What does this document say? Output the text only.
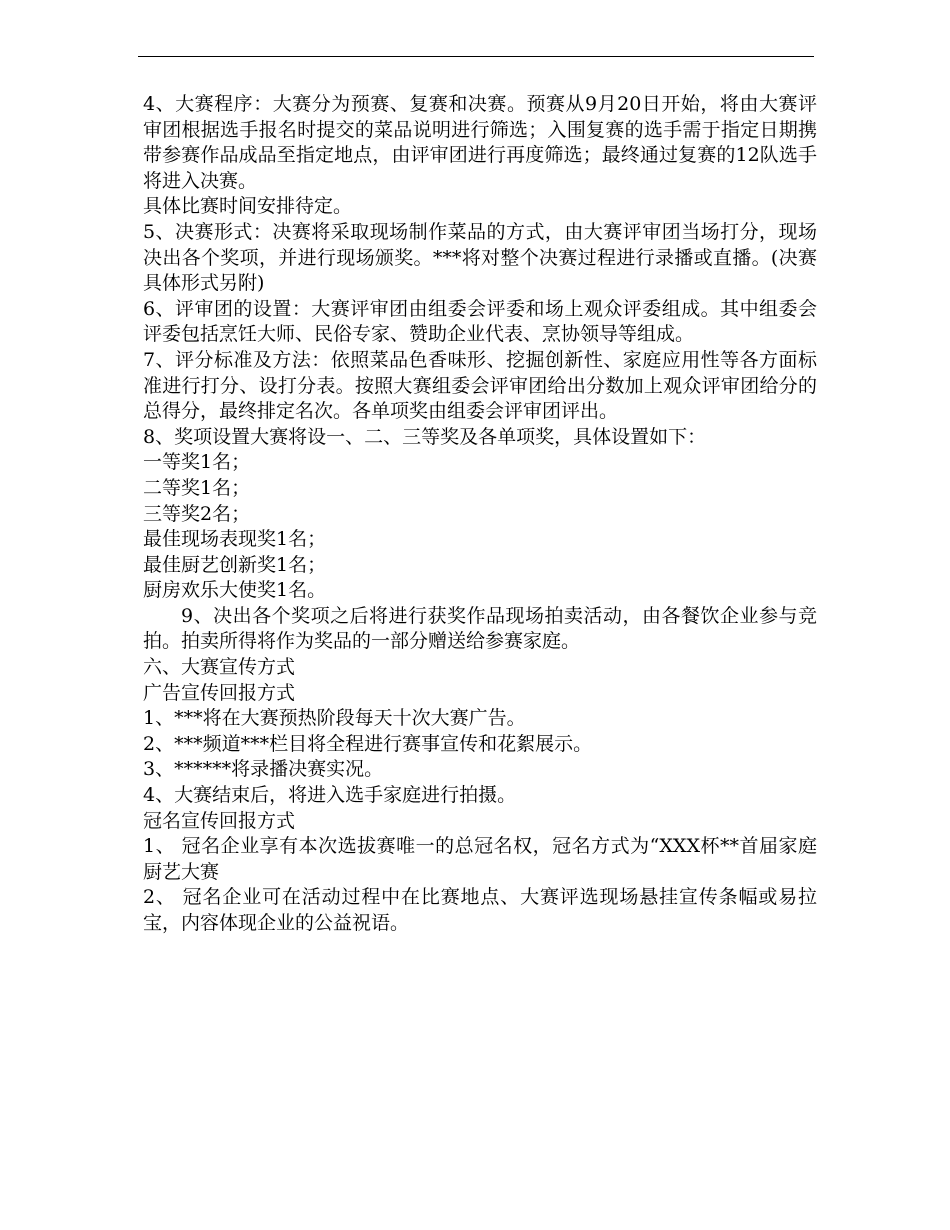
4、大赛程序：大赛分为预赛、复赛和决赛。预赛从9月20日开始，将由大赛评审团根据选手报名时提交的菜品说明进行筛选；入围复赛的选手需于指定日期携带参赛作品成品至指定地点，由评审团进行再度筛选；最终通过复赛的12队选手将进入决赛。

具体比赛时间安排待定。

5、决赛形式：决赛将采取现场制作菜品的方式，由大赛评审团当场打分，现场决出各个奖项，并进行现场颁奖。***将对整个决赛过程进行录播或直播。(决赛具体形式另附)

6、评审团的设置：大赛评审团由组委会评委和场上观众评委组成。其中组委会评委包括烹饪大师、民俗专家、赞助企业代表、烹协领导等组成。

7、评分标准及方法：依照菜品色香味形、挖掘创新性、家庭应用性等各方面标准进行打分、设打分表。按照大赛组委会评审团给出分数加上观众评审团给分的总得分，最终排定名次。各单项奖由组委会评审团评出。

8、奖项设置大赛将设一、二、三等奖及各单项奖，具体设置如下：

一等奖1名；

二等奖1名；

三等奖2名；

最佳现场表现奖1名；

最佳厨艺创新奖1名；

厨房欢乐大使奖1名。

9、决出各个奖项之后将进行获奖作品现场拍卖活动，由各餐饮企业参与竞拍。拍卖所得将作为奖品的一部分赠送给参赛家庭。

六、大赛宣传方式

广告宣传回报方式

1、***将在大赛预热阶段每天十次大赛广告。

2、***频道***栏目将全程进行赛事宣传和花絮展示。

3、******将录播决赛实况。

4、大赛结束后，将进入选手家庭进行拍摄。

冠名宣传回报方式

1、 冠名企业享有本次选拔赛唯一的总冠名权，冠名方式为“XXX杯**首届家庭厨艺大赛

2、 冠名企业可在活动过程中在比赛地点、大赛评选现场悬挂宣传条幅或易拉宝，内容体现企业的公益祝语。
